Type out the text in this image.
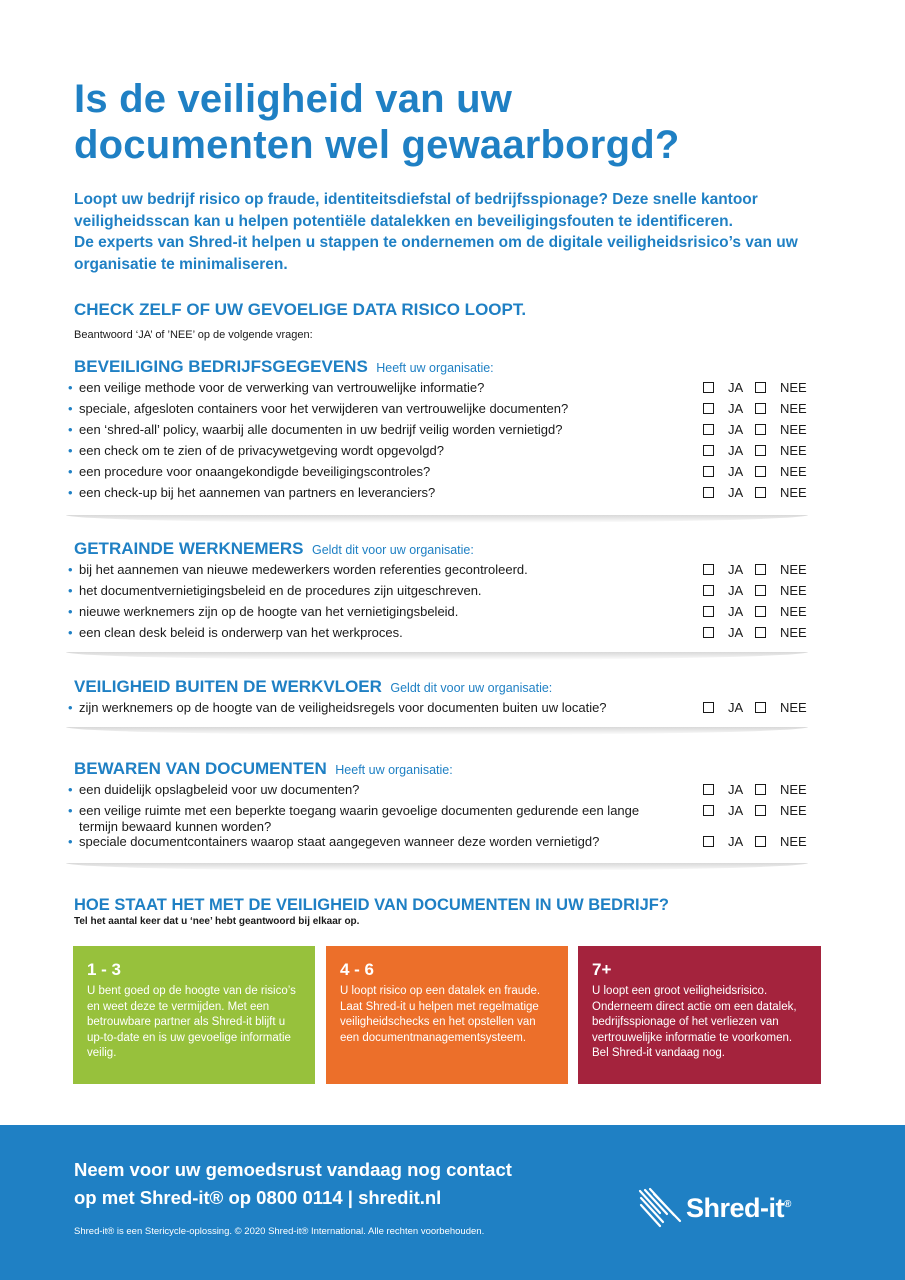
Is de veiligheid van uw
documenten wel gewaarborgd?

Loopt uw bedrijf risico op fraude, identiteitsdiefstal of bedrijfsspionage? Deze snelle kantoor veiligheidsscan kan u helpen potentiële datalekken en beveiligingsfouten te identificeren.

De experts van Shred-it helpen u stappen te ondernemen om de digitale veiligheidsrisico’s van uw organisatie te minimaliseren.

CHECK ZELF OF UW GEVOELIGE DATA RISICO LOOPT.
Beantwoord ‘JA’ of ’NEE’ op de volgende vragen:
BEVEILIGING BEDRIJFSGEGEVENS Heeft uw organisatie:
• een veilige methode voor de verwerking van vertrouwelijke informatie?	JA	NEE
• speciale, afgesloten containers voor het verwijderen van vertrouwelijke documenten?	JA	NEE
• een ‘shred-all’ policy, waarbij alle documenten in uw bedrijf veilig worden vernietigd?	JA	NEE
• een check om te zien of de privacywetgeving wordt opgevolgd?	JA	NEE
• een procedure voor onaangekondigde beveiligingscontroles?	JA	NEE
• een check-up bij het aannemen van partners en leveranciers?	JA	NEE
GETRAINDE WERKNEMERS Geldt dit voor uw organisatie:
• bij het aannemen van nieuwe medewerkers worden referenties gecontroleerd.	JA	NEE
• het documentvernietigingsbeleid en de procedures zijn uitgeschreven.	JA	NEE
• nieuwe werknemers zijn op de hoogte van het vernietigingsbeleid.	JA	NEE
• een clean desk beleid is onderwerp van het werkproces.	JA	NEE
VEILIGHEID BUITEN DE WERKVLOER Geldt dit voor uw organisatie:
• zijn werknemers op de hoogte van de veiligheidsregels voor documenten buiten uw locatie?	JA	NEE
BEWAREN VAN DOCUMENTEN Heeft uw organisatie:
• een duidelijk opslagbeleid voor uw documenten?	JA	NEE
• een veilige ruimte met een beperkte toegang waarin gevoelige documenten gedurende een lange termijn bewaard kunnen worden?
JA	NEE
• speciale documentcontainers waarop staat aangegeven wanneer deze worden vernietigd?	JA	NEE
HOE STAAT HET MET DE VEILIGHEID VAN DOCUMENTEN IN UW BEDRIJF?
Tel het aantal keer dat u ‘nee’ hebt geantwoord bij elkaar op.
1 - 3
U bent goed op de hoogte van de risico’s en weet deze te vermijden. Met een betrouwbare partner als Shred-it blijft u up-to-date en is uw gevoelige informatie veilig.
4 - 6
U loopt risico op een datalek en fraude. Laat Shred-it u helpen met regelmatige veiligheidschecks en het opstellen van een documentmanagementsysteem.
7+
U loopt een groot veiligheidsrisico. Onderneem direct actie om een datalek, bedrijfsspionage of het verliezen van vertrouwelijke informatie te voorkomen. Bel Shred-it vandaag nog.
Neem voor uw gemoedsrust vandaag nog contact
op met Shred-it® op 0800 0114 | shredit.nl
Shred-it® is een Stericycle-oplossing. © 2020 Shred-it® International. Alle rechten voorbehouden.
Shred-it®
